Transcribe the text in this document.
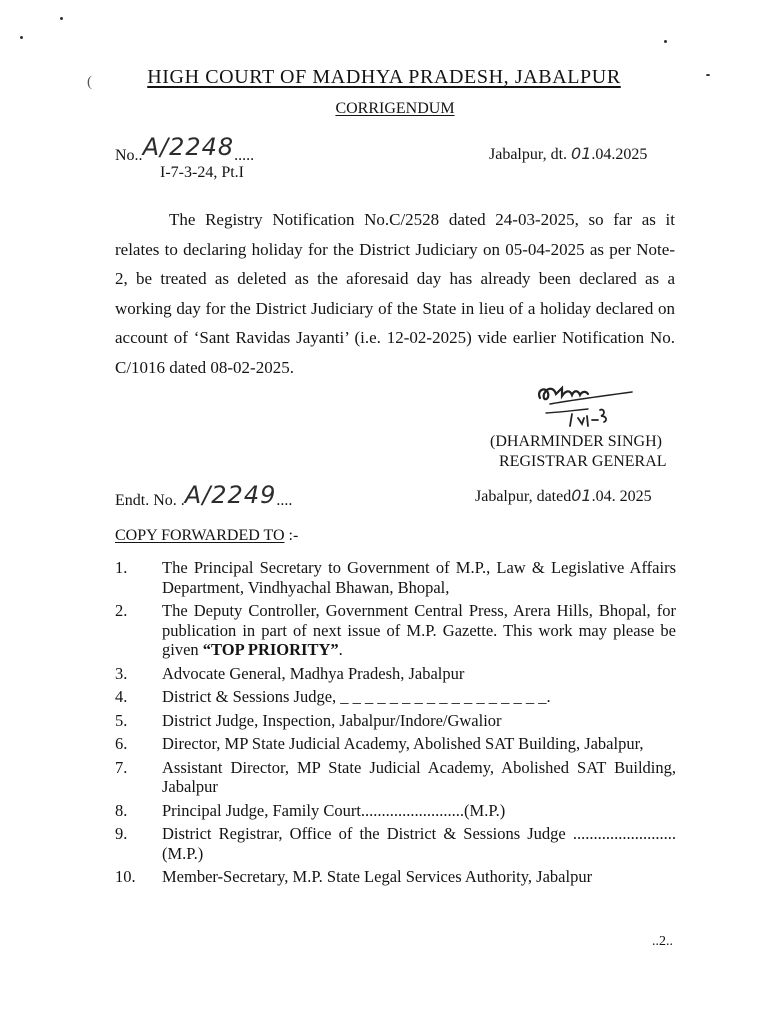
(	HIGH COURT OF MADHYA PRADESH, JABALPUR
CORRIGENDUM
No..A/2248.....
I-7-3-24, Pt.I
Jabalpur, dt. 01.04.2025
The Registry Notification No.C/2528 dated 24-03-2025, so far as it relates to declaring holiday for the District Judiciary on 05-04-2025 as per Note-2, be treated as deleted as the aforesaid day has already been declared as a working day for the District Judiciary of the State in lieu of a holiday declared on account of ‘Sant Ravidas Jayanti’ (i.e. 12-02-2025) vide earlier Notification No. C/1016 dated 08-02-2025.
(DHARMINDER SINGH)
REGISTRAR GENERAL
Endt. No. .A/2249....	Jabalpur, dated01.04. 2025
COPY FORWARDED TO :-
1. The Principal Secretary to Government of M.P., Law & Legislative Affairs Department, Vindhyachal Bhawan, Bhopal,
2. The Deputy Controller, Government Central Press, Arera Hills, Bhopal, for publication in part of next issue of M.P. Gazette. This work may please be given “TOP PRIORITY”.
3. Advocate General, Madhya Pradesh, Jabalpur
4. District & Sessions Judge, _ _ _ _ _ _ _ _ _ _ _ _ _ _ _ _ _.
5. District Judge, Inspection, Jabalpur/Indore/Gwalior
6. Director, MP State Judicial Academy, Abolished SAT Building, Jabalpur,
7. Assistant Director, MP State Judicial Academy, Abolished SAT Building, Jabalpur
8. Principal Judge, Family Court.........................(M.P.)
9. District Registrar, Office of the District & Sessions Judge .........................(M.P.)
10. Member-Secretary, M.P. State Legal Services Authority, Jabalpur
..2..
